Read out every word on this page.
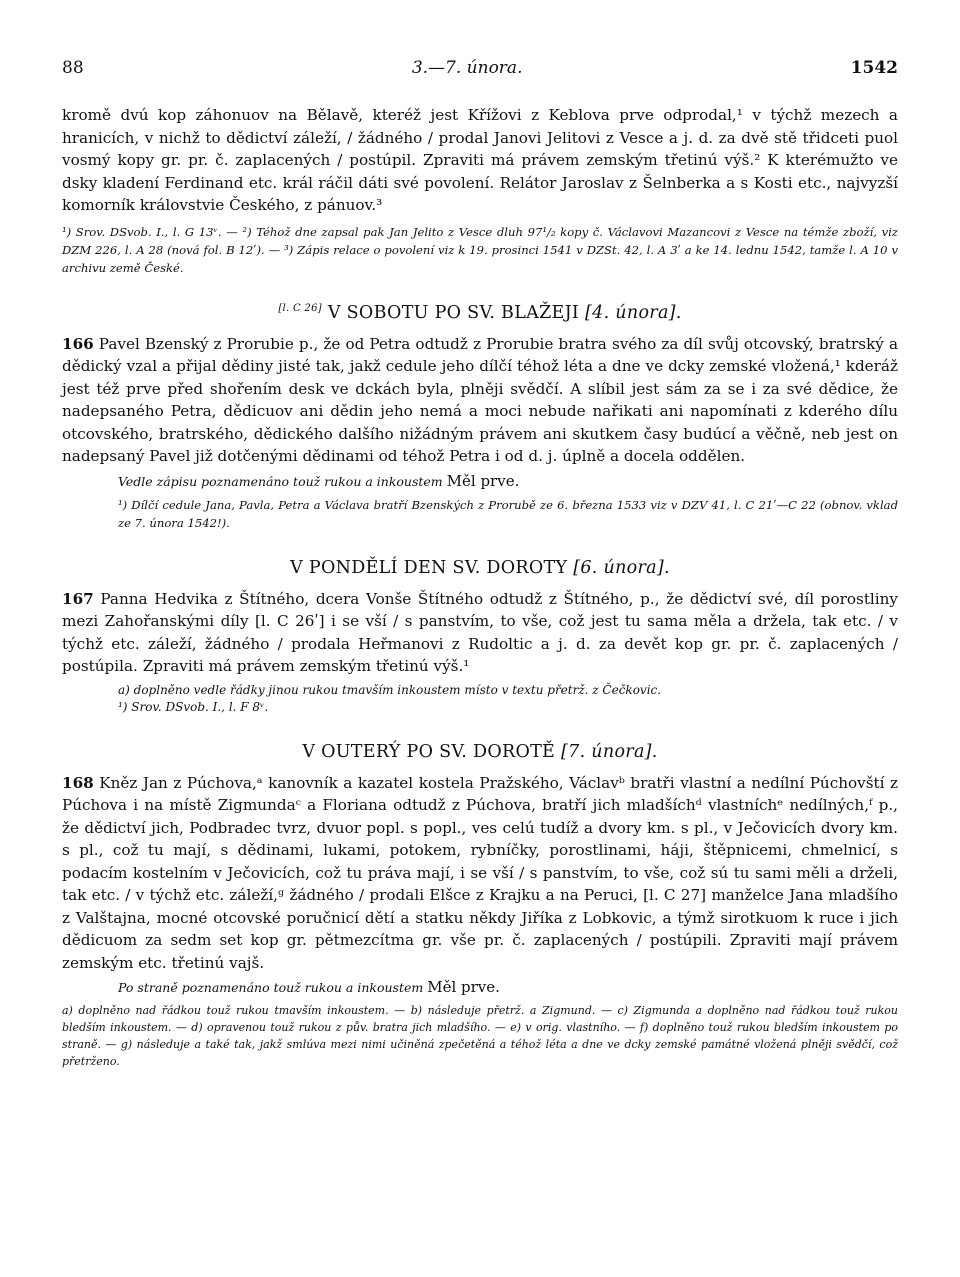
88	3.—7. února.	1542

kromě dvú kop záhonuov na Bělavě, kteréž jest Křížovi z Keblova prve odprodal,¹ v týchž mezech a hranicích, v nichž to dědictví záleží, / žádného / prodal Janovi Jelitovi z Vesce a j. d. za dvě stě třidceti puol vosmý kopy gr. pr. č. zaplacených / postúpil. Zpraviti má právem zemským třetinú výš.² K kterémužto ve dsky kladení Ferdinand etc. král ráčil dáti své povolení. Relátor Jaroslav z Šelnberka a s Kosti etc., najvyzší komorník královstvie Českého, z pánuov.³

¹) Srov. DSvob. I., l. G 13ᵛ. — ²) Téhož dne zapsal pak Jan Jelito z Vesce dluh 97¹/₂ kopy č. Václavovi Mazancovi z Vesce na témže zboží, viz DZM 226, l. A 28 (nová fol. B 12ʹ). — ³) Zápis relace o povolení viz k 19. prosinci 1541 v DZSt. 42, l. A 3ʹ a ke 14. lednu 1542, tamže l. A 10 v archivu země České.

[l. C 26] V SOBOTU PO SV. BLAŽEJI [4. února].

166 Pavel Bzenský z Prorubie p., že od Petra odtudž z Prorubie bratra svého za díl svůj otcovský, bratrský a dědický vzal a přijal dědiny jisté tak, jakž cedule jeho dílčí téhož léta a dne ve dcky zemské vložená,¹ kderáž jest též prve před shořením desk ve dckách byla, plněji svědčí. A slíbil jest sám za se i za své dědice, že nadepsaného Petra, dědicuov ani dědin jeho nemá a moci nebude nařikati ani napomínati z kderého dílu otcovského, bratrského, dědického dalšího nižádným právem ani skutkem časy budúcí a věčně, neb jest on nadepsaný Pavel již dotčenými dědinami od téhož Petra i od d. j. úplně a docela oddělen.

Vedle zápisu poznamenáno touž rukou a inkoustem Měl prve.

¹) Dílčí cedule Jana, Pavla, Petra a Václava bratří Bzenských z Prorubě ze 6. března 1533 viz v DZV 41, l. C 21ʹ—C 22 (obnov. vklad ze 7. února 1542!).

V PONDĚLÍ DEN SV. DOROTY [6. února].

167 Panna Hedvika z Štítného, dcera Vonše Štítného odtudž z Štítného, p., že dědictví své, díl porostliny mezi Zahořanskými díly [l. C 26ʹ] i se vší / s panstvím, to vše, což jest tu sama měla a držela, tak etc. / v týchž etc. záleží, žádného / prodala Heřmanovi z Rudoltic a j. d. za devět kop gr. pr. č. zaplacených / postúpila. Zpraviti má právem zemským třetinú výš.¹

a) doplněno vedle řádky jinou rukou tmavším inkoustem místo v textu přetrž. z Čečkovic.
¹) Srov. DSvob. I., l. F 8ᵛ.
V OUTERÝ PO SV. DOROTĚ [7. února].

168 Kněz Jan z Púchova,ᵃ kanovník a kazatel kostela Pražského, Václavᵇ bratři vlastní a nedílní Púchovští z Púchova i na místě Zigmundaᶜ a Floriana odtudž z Púchova, bratří jich mladšíchᵈ vlastníchᵉ nedílných,ᶠ p., že dědictví jich, Podbradec tvrz, dvuor popl. s popl., ves celú tudíž a dvory km. s pl., v Ječovicích dvory km. s pl., což tu mají, s dědinami, lukami, potokem, rybníčky, porostlinami, háji, štěpnicemi, chmelnicí, s podacím kostelním v Ječovicích, což tu práva mají, i se vší / s panstvím, to vše, což sú tu sami měli a drželi, tak etc. / v týchž etc. záleží,ᵍ žádného / prodali Elšce z Krajku a na Peruci, [l. C 27] manželce Jana mladšího z Valštajna, mocné otcovské poručnicí dětí a statku někdy Jiříka z Lobkovic, a týmž sirotkuom k ruce i jich dědicuom za sedm set kop gr. pětmezcítma gr. vše pr. č. zaplacených / postúpili. Zpraviti mají právem zemským etc. třetinú vajš.

Po straně poznamenáno touž rukou a inkoustem Měl prve.

a) doplněno nad řádkou touž rukou tmavším inkoustem. — b) následuje přetrž. a Zigmund. — c) Zigmunda a doplněno nad řádkou touž rukou bledším inkoustem. — d) opravenou touž rukou z pův. bratra jich mladšího. — e) v orig. vlastního. — f) doplněno touž rukou bledším inkoustem po straně. — g) následuje a také tak, jakž smlúva mezi nimi učiněná zpečetěná a téhož léta a dne ve dcky zemské památné vložená plněji svědčí, což přetrženo.
